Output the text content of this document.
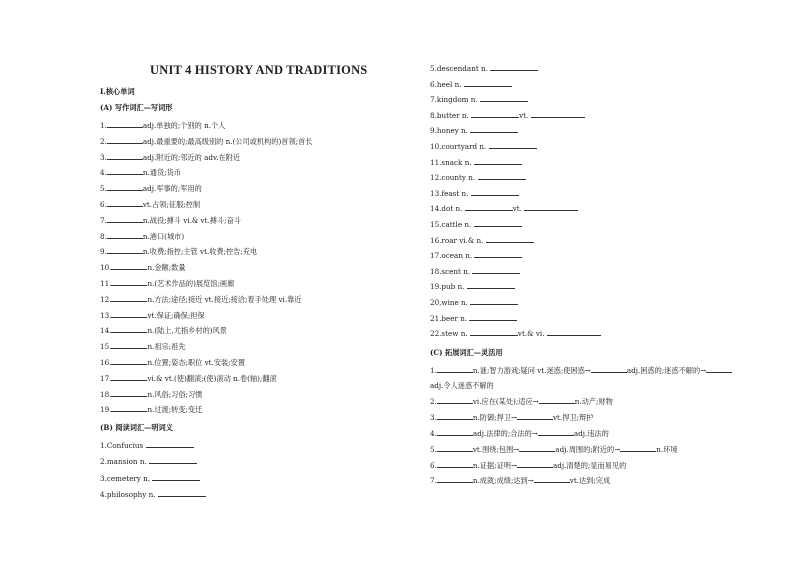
UNIT 4 HISTORY AND TRADITIONS
Ⅰ.核心单词
(A) 写作词汇—写词形
1.	adj.单独的;个别的 n.个人
2.	adj.最重要的;最高级别的 n.(公司或机构的)首领;首长
3.	adj.附近的;邻近的 adv.在附近
4.	n.通货;货币
5.	adj.军事的;军用的
6.	vt.占领;征服;控制
7.	n.战役;搏斗 vi.& vt.搏斗;奋斗
8.	n.港口(城市)
9.	n.收费;指控;主管 vt.收费;控告;充电
10.	n.金额;数量
11.	n.(艺术作品的)展览馆;画廊
12.	n.方法;途径;接近 vt.接近;接洽;着手处理 vi.靠近
13.	vt.保证;确保;担保
14.	n.(陆上,尤指乡村的)风景
15.	n.祖宗;祖先
16.	n.位置;姿态;职位 vt.安装;安置
17.	vi.& vt.(使)翻滚;(使)滚动 n.卷(轴);翻滚
18.	n.风俗;习俗;习惯
19.	n.过渡;转变;变迁
(B) 阅读词汇—明词义
1.Confucius
2.mansion n.
3.cemetery n.
4.philosophy n.
5.descendant n.
6.heel n.
7.kingdom n.
8.butter n.	vt.
9.honey n.
10.courtyard n.
11.snack n.
12.county n.
13.feast n.
14.dot n.	vt.
15.cattle n.
16.roar vi.& n.
17.ocean n.
18.scent n.
19.pub n.
20.wine n.
21.beer n.
22.stew n.	vt.& vi.
(C) 拓展词汇—灵活用
1.	n.谜;智力游戏;疑问 vt.迷惑;使困惑→	adj.困惑的;迷惑不解的→
adj.令人迷惑不解的
2.	vi.应在(某处);适应→	n.动产;财物
3.	n.防御;捍卫→	vt.捍卫;辩护
4.	adj.法律的;合法的→	adj.违法的
5.	vt.围绕;包围→	adj.周围的;附近的→	n.环境
6.	n.证据;证明→	adj.清楚的;显而易见的
7.	n.成就;成绩;达到→	vt.达到;完成
